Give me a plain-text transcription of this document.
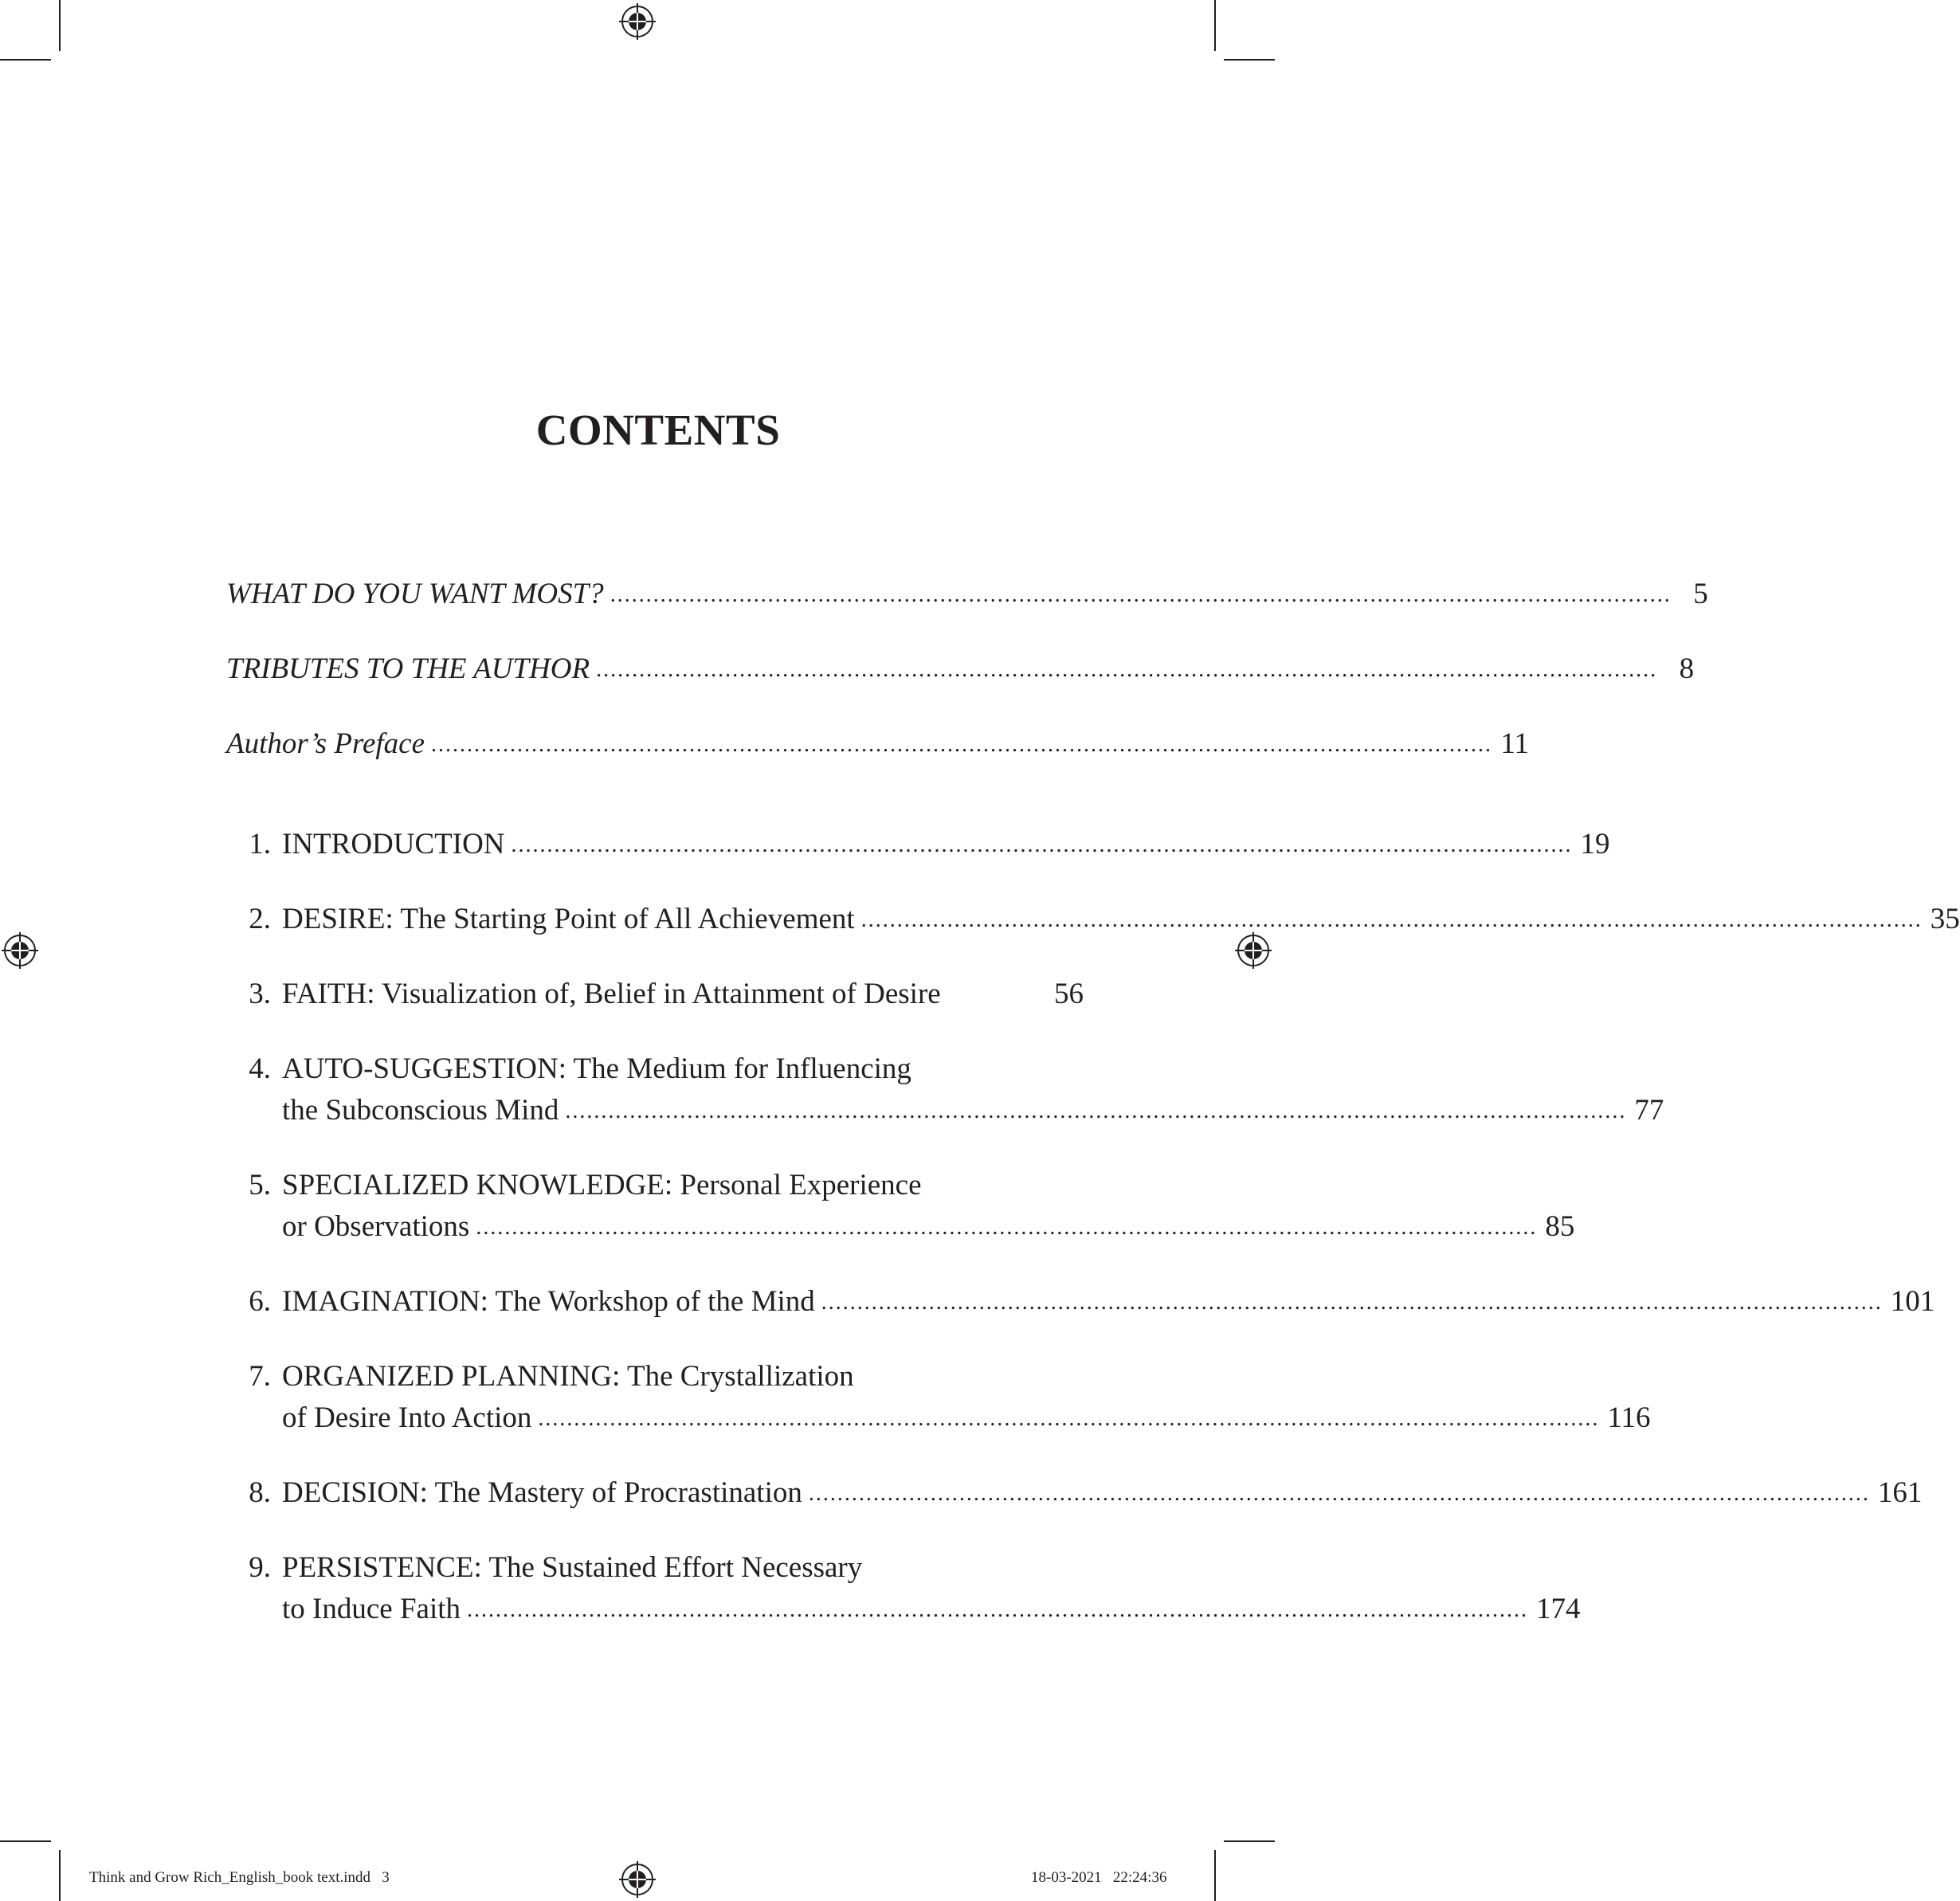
CONTENTS
WHAT DO YOU WANT MOST? .................................................................................................................................................... 5
TRIBUTES TO THE AUTHOR .................................................................................................................................................... 8
Author’s Preface .................................................................................................................................................... 11
1. INTRODUCTION .................................................................................................................................................... 19
2. DESIRE: The Starting Point of All Achievement .................................................................................................................................................... 35
3. FAITH: Visualization of, Belief in Attainment of Desire	56
4. AUTO-SUGGESTION: The Medium for Influencing
the Subconscious Mind .................................................................................................................................................... 77
5. SPECIALIZED KNOWLEDGE: Personal Experience
or Observations .................................................................................................................................................... 85
6. IMAGINATION: The Workshop of the Mind .................................................................................................................................................... 101
7. ORGANIZED PLANNING: The Crystallization
of Desire Into Action .................................................................................................................................................... 116
8. DECISION: The Mastery of Procrastination .................................................................................................................................................... 161
9. PERSISTENCE: The Sustained Effort Necessary
to Induce Faith .................................................................................................................................................... 174
Think and Grow Rich_English_book text.indd   3	18-03-2021   22:24:36
